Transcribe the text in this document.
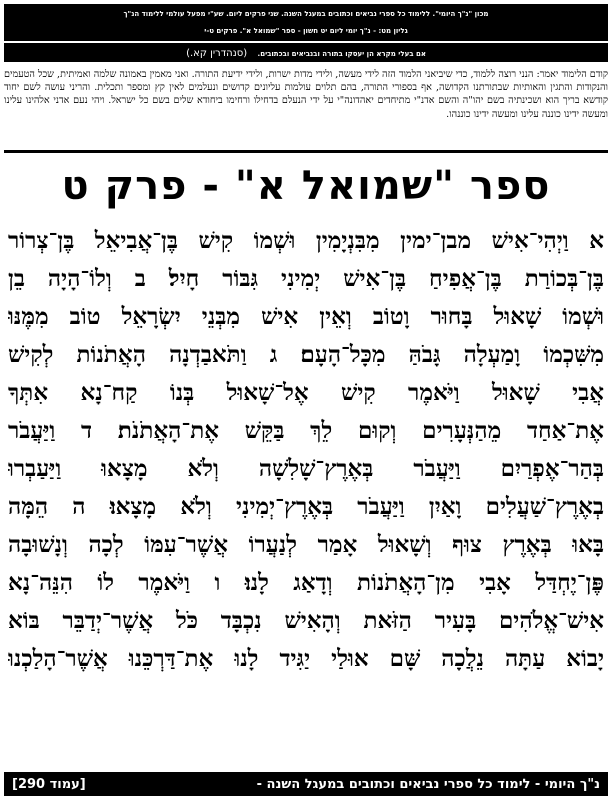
מכון "נ"ך היומי". ללימוד כל ספרי נביאים וכתובים במעגל השנה. שני פרקים ליום. שע"י מפעל עולמי ללימוד הנ"ך
גליון מט: - נ"ך יומי ליום יט חשון - ספר "שמואל א". פרקים ט-י
אם בעלי מקרא הן יעסקו בתורה ובנביאים ובכתובים. (סנהדרין קא.)

קודם הלימוד יאמר: הנני רוצה ללמוד, כדי שיביאני הלמוד הזה לידי מעשה, ולידי מדות ישרות, ולידי ידיעת התורה. ואני מאמין באמונה שלמה ואמיתית, שכל הטעמים והנקודות והתגין והאותיות שבתורתנו הקדושה, אף בספורי התורה, בהם תלוים עולמות עליונים קדושים ונעלמים לאין קץ ומספר ותכלית. והריני עושה לשם יחוד קודשא בריך הוא ושכינתיה בשם יהו"ה והשם אדנ"י מתיחדים יאהדונה"י על ידי הנעלם בדחילו ורחימו ביחודא שלים בשם כל ישראל. ויהי נעם אדני אלהינו עלינו ומעשה ידינו כוננה עלינו ומעשה ידינו כוננהו.

ספר "שמואל א" - פרק ט
א וַיְהִי־אִישׁ מבן־ימין מִבִּנְיָמִין וּשְׁמוֹ קִישׁ בֶּן־אֲבִיאֵל בֶּן־צְרוֹר
בֶּן־בְּכוֹרַת בֶּן־אֲפִיחַ בֶּן־אִישׁ יְמִינִי גִּבּוֹר חָיִל׃ ב וְלוֹ־הָיָה בֵן
וּשְׁמוֹ שָׁאוּל בָּחוּר וָטוֹב וְאֵין אִישׁ מִבְּנֵי יִשְׂרָאֵל טוֹב מִמֶּנּוּ
מִשִּׁכְמוֹ וָמַעְלָה גָּבֹהַּ מִכָּל־הָעָם׃ ג וַתֹּאבַדְנָה הָאֲתֹנוֹת לְקִישׁ
אֲבִי שָׁאוּל וַיֹּאמֶר קִישׁ אֶל־שָׁאוּל בְּנוֹ קַח־נָא אִתְּךָ
אֶת־אַחַד מֵהַנְּעָרִים וְקוּם לֵךְ בַּקֵּשׁ אֶת־הָאֲתֹנֹת׃ ד וַיַּעֲבֹר
בְּהַר־אֶפְרַיִם וַיַּעֲבֹר בְּאֶרֶץ־שָׁלִשָׁה וְלֹא מָצָאוּ וַיַּעַבְרוּ
בְאֶרֶץ־שַׁעֲלִים וָאַיִן וַיַּעֲבֹר בְּאֶרֶץ־יְמִינִי וְלֹא מָצָאוּ׃ ה הֵמָּה
בָּאוּ בְּאֶרֶץ צוּף וְשָׁאוּל אָמַר לְנַעֲרוֹ אֲשֶׁר־עִמּוֹ לְכָה וְנָשׁוּבָה
פֶּן־יֶחְדַּל אָבִי מִן־הָאֲתֹנוֹת וְדָאַג לָנוּ׃ ו וַיֹּאמֶר לוֹ הִנֵּה־נָא
אִישׁ־אֱלֹהִים בָּעִיר הַזֹּאת וְהָאִישׁ נִכְבָּד כֹּל אֲשֶׁר־יְדַבֵּר בּוֹא
יָבוֹא עַתָּה נֵלֲכָה שָּׁם אוּלַי יַגִּיד לָנוּ אֶת־דַּרְכֵּנוּ אֲשֶׁר־הָלַכְנוּ
נ"ך היומי - לימוד כל ספרי נביאים וכתובים במעגל השנה -
[עמוד 290]
